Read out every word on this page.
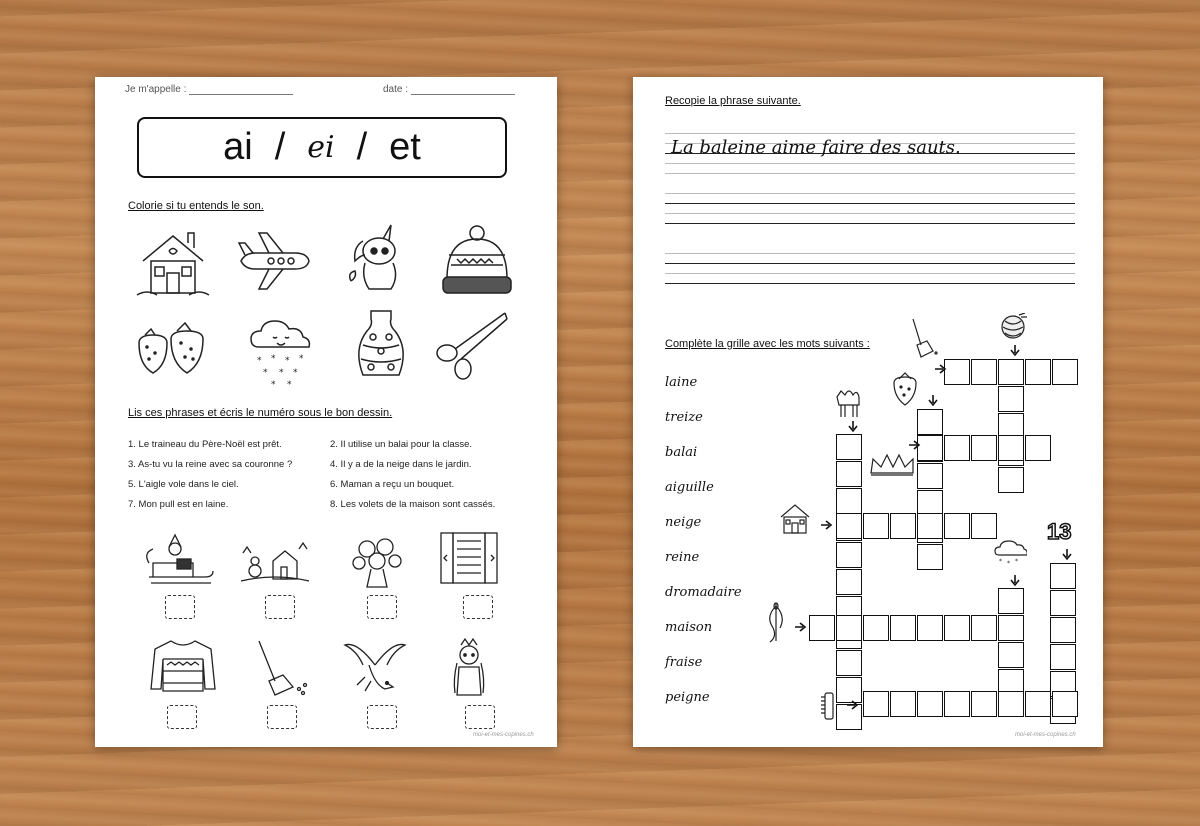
Je m'appelle :	date :
ai / ei / et
Colorie si tu entends le son.
* * * *
* * *
* *
Lis ces phrases et écris le numéro sous le bon dessin.
1. Le traineau du Père-Noël est prêt.	2. Il utilise un balai pour la classe.
3. As-tu vu la reine avec sa couronne ?	4. Il y a de la neige dans le jardin.
5. L'aigle vole dans le ciel.	6. Maman a reçu un bouquet.
7. Mon pull est en laine.	8. Les volets de la maison sont cassés.
moi-et-mes-copines.ch
Recopie la phrase suivante.
La baleine aime faire des sauts.
Complète la grille avec les mots suivants :
laine
treize
balai
aiguille
neige
reine
dromadaire
maison
fraise
peigne
* * *
13
moi-et-mes-copines.ch
